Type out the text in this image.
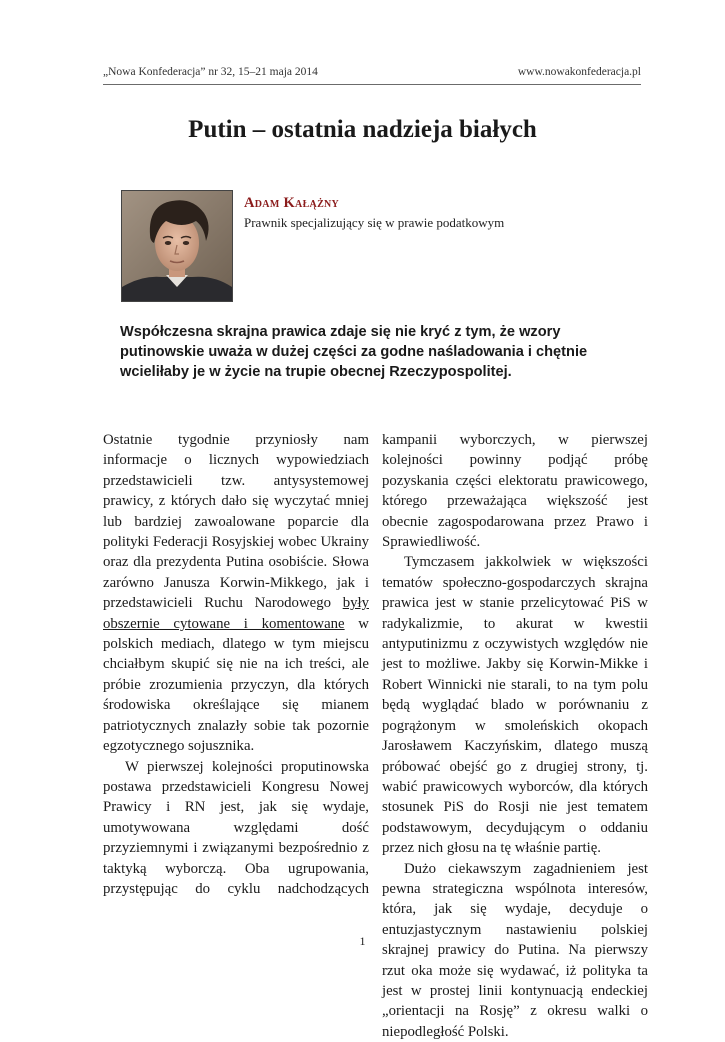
„Nowa Konfederacja” nr 32, 15–21 maja 2014	www.nowakonfederacja.pl
Putin – ostatnia nadzieja białych
Adam Kałążny
Prawnik specjalizujący się w prawie podatkowym

Współczesna skrajna prawica zdaje się nie kryć z tym, że wzory putinowskie uważa w dużej części za godne naśladowania i chętnie wcieliłaby je w życie na trupie obecnej Rzeczypospolitej.

Ostatnie tygodnie przyniosły nam informacje o licznych wypowiedziach przedstawicieli tzw. antysystemowej prawicy, z których dało się wyczytać mniej lub bardziej zawoalowane poparcie dla polityki Federacji Rosyjskiej wobec Ukrainy oraz dla prezydenta Putina osobiście. Słowa zarówno Janusza Korwin-Mikkego, jak i przedstawicieli Ruchu Narodowego były obszernie cytowane i komentowane w polskich mediach, dlatego w tym miejscu chciałbym skupić się nie na ich treści, ale próbie zrozumienia przyczyn, dla których środowiska określające się mianem patriotycznych znalazły sobie tak pozornie egzotycznego sojusznika.

W pierwszej kolejności proputinowska postawa przedstawicieli Kongresu Nowej Prawicy i RN jest, jak się wydaje, umotywowana względami dość przyziemnymi i związanymi bezpośrednio z taktyką wyborczą. Oba ugrupowania, przystępując do cyklu nadchodzących

kampanii wyborczych, w pierwszej kolejności powinny podjąć próbę pozyskania części elektoratu prawicowego, którego przeważająca większość jest obecnie zagospodarowana przez Prawo i Sprawiedliwość.

Tymczasem jakkolwiek w większości tematów społeczno-gospodarczych skrajna prawica jest w stanie przelicytować PiS w radykalizmie, to akurat w kwestii antyputinizmu z oczywistych względów nie jest to możliwe. Jakby się Korwin-Mikke i Robert Winnicki nie starali, to na tym polu będą wyglądać blado w porównaniu z pogrążonym w smoleńskich okopach Jarosławem Kaczyńskim, dlatego muszą próbować obejść go z drugiej strony, tj. wabić prawicowych wyborców, dla których stosunek PiS do Rosji nie jest tematem podstawowym, decydującym o oddaniu przez nich głosu na tę właśnie partię.

Dużo ciekawszym zagadnieniem jest pewna strategiczna wspólnota interesów, która, jak się wydaje, decyduje o entuzjastycznym nastawieniu polskiej skrajnej prawicy do Putina. Na pierwszy rzut oka może się wydawać, iż polityka ta jest w prostej linii kontynuacją endeckiej „orientacji na Rosję” z okresu walki o niepodległość Polski.

1
